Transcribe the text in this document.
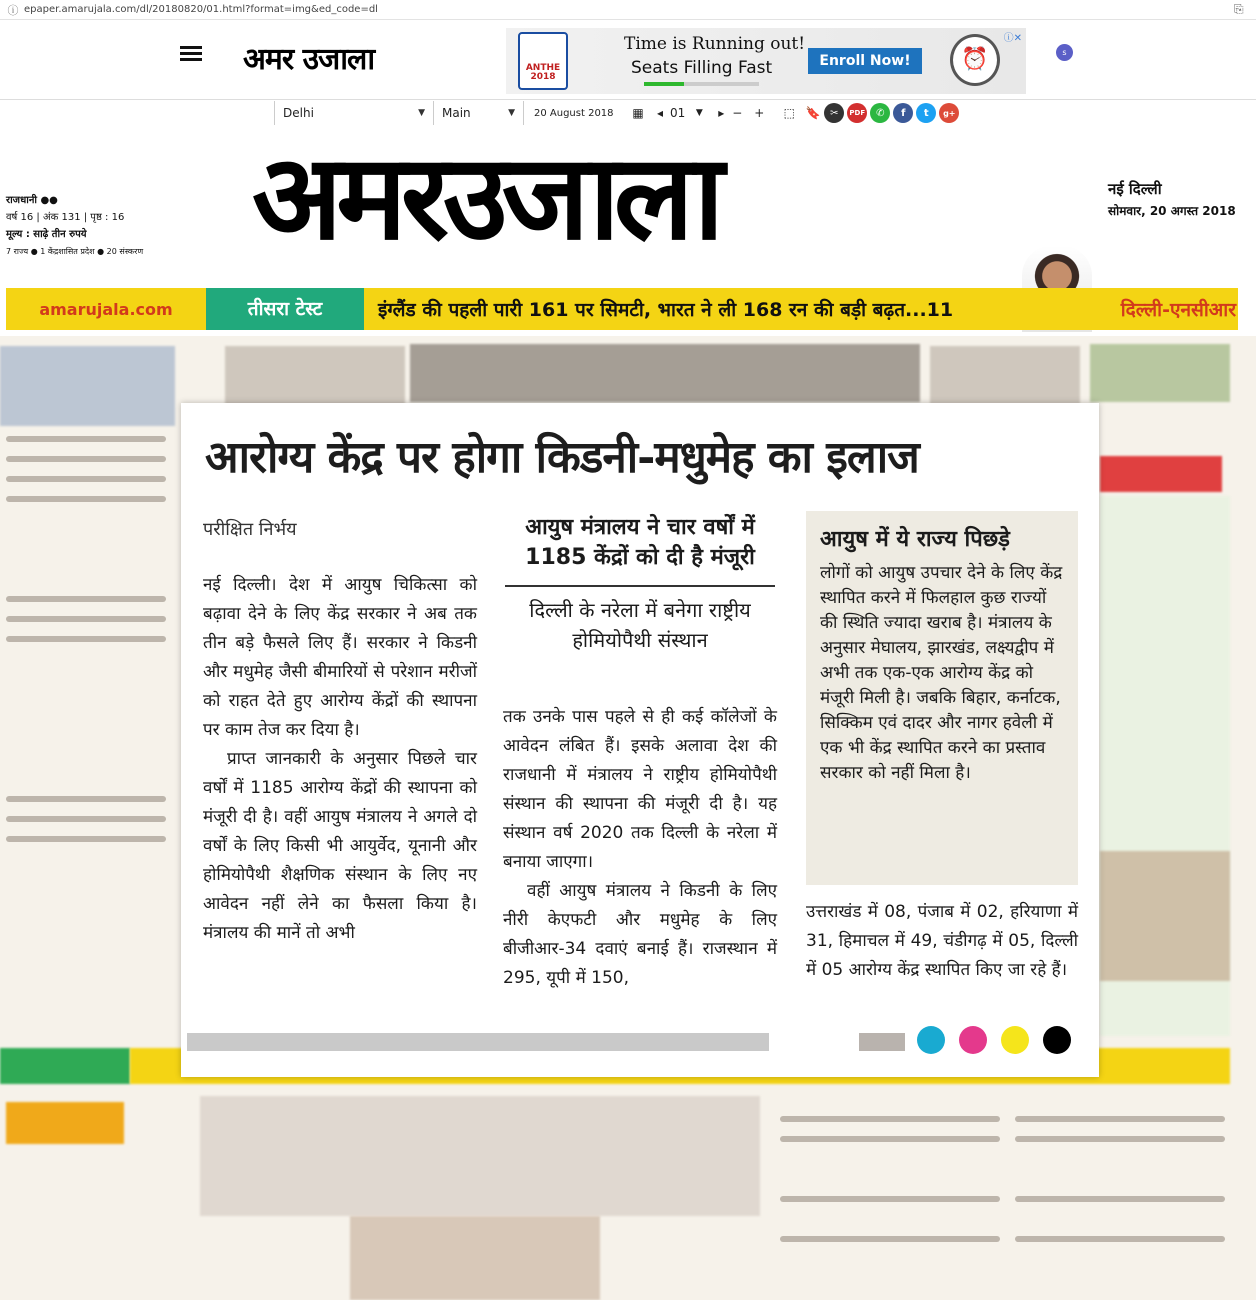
ⓘ epaper.amarujala.com/dl/20180820/01.html?format=img&ed_code=dl	⎘
अमर उजाला	ANTHE 2018
Time is Running out!
Seats Filling Fast	Enroll Now!	⏰
ⓘ✕
s
Delhi	▼ Main	▼	20 August 2018	▦	◂ 01	▼	▸ − + ⬚ 🔖 ✂	PDF	✆	f	t	g+
राजधानी ●●
वर्ष 16 | अंक 131 | पृष्ठ : 16
मूल्य : साढ़े तीन रुपये
7 राज्य ● 1 केंद्रशासित प्रदेश ● 20 संस्करण अमरउजाला	नई दिल्ली
सोमवार, 20 अगस्त 2018
amarujala.com	तीसरा टेस्ट	इंग्लैंड की पहली पारी 161 पर सिमटी, भारत ने ली 168 रन की बड़ी बढ़त...11	दिल्ली-एनसीआर
आरोग्य केंद्र पर होगा किडनी-मधुमेह का इलाज
परीक्षित निर्भय

नई दिल्ली। देश में आयुष चिकित्सा को बढ़ावा देने के लिए केंद्र सरकार ने अब तक तीन बड़े फैसले लिए हैं। सरकार ने किडनी और मधुमेह जैसी बीमारियों से परेशान मरीजों को राहत देते हुए आरोग्य केंद्रों की स्थापना पर काम तेज कर दिया है।

प्राप्त जानकारी के अनुसार पिछले चार वर्षों में 1185 आरोग्य केंद्रों की स्थापना को मंजूरी दी है। वहीं आयुष मंत्रालय ने अगले दो वर्षों के लिए किसी भी आयुर्वेद, यूनानी और होमियोपैथी शैक्षणिक संस्थान के लिए नए आवेदन नहीं लेने का फैसला किया है। मंत्रालय की मानें तो अभी

आयुष मंत्रालय ने चार वर्षों में 1185 केंद्रों को दी है मंजूरी
दिल्ली के नरेला में बनेगा राष्ट्रीय होमियोपैथी संस्थान

तक उनके पास पहले से ही कई कॉलेजों के आवेदन लंबित हैं। इसके अलावा देश की राजधानी में मंत्रालय ने राष्ट्रीय होमियोपैथी संस्थान की स्थापना की मंजूरी दी है। यह संस्थान वर्ष 2020 तक दिल्ली के नरेला में बनाया जाएगा।

वहीं आयुष मंत्रालय ने किडनी के लिए नीरी केएफटी और मधुमेह के लिए बीजीआर-34 दवाएं बनाई हैं। राजस्थान में 295, यूपी में 150,

आयुष में ये राज्य पिछड़े
लोगों को आयुष उपचार देने के लिए केंद्र स्थापित करने में फिलहाल कुछ राज्यों की स्थिति ज्यादा खराब है। मंत्रालय के अनुसार मेघालय, झारखंड, लक्ष्यद्वीप में अभी तक एक-एक आरोग्य केंद्र को मंजूरी मिली है। जबकि बिहार, कर्नाटक, सिक्किम एवं दादर और नागर हवेली में एक भी केंद्र स्थापित करने का प्रस्ताव सरकार को नहीं मिला है।

उत्तराखंड में 08, पंजाब में 02, हरियाणा में 31, हिमाचल में 49, चंडीगढ़ में 05, दिल्ली में 05 आरोग्य केंद्र स्थापित किए जा रहे हैं।
